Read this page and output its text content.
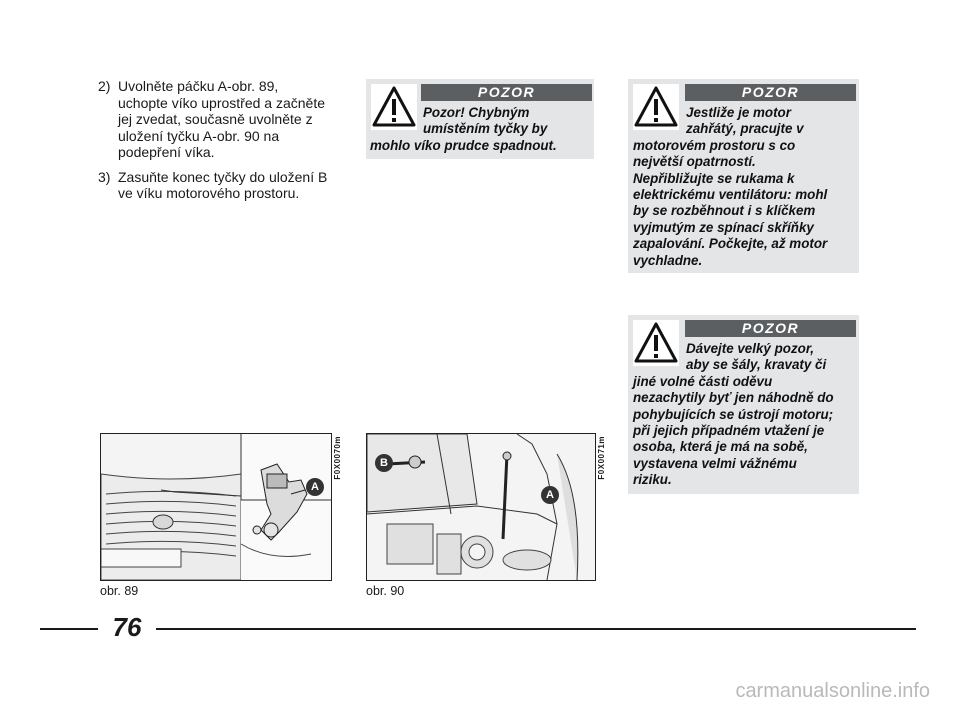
2) Uvolněte páčku A-obr. 89,
uchopte víko uprostřed a začněte
jej zvedat, současně uvolněte z
uložení tyčku A-obr. 90 na
podepření víka.
3) Zasuňte konec tyčky do uložení B
ve víku motorového prostoru.
POZOR
Pozor! Chybným
umístěním tyčky by
mohlo víko prudce spadnout.
POZOR
Jestliže je motor
zahřátý, pracujte v
motorovém prostoru s co
největší opatrností.
Nepřibližujte se rukama k
elektrickému ventilátoru: mohl
by se rozběhnout i s klíčkem
vyjmutým ze spínací skříňky
zapalování. Počkejte, až motor
vychladne.
POZOR
Dávejte velký pozor,
aby se šály, kravaty či
jiné volné části oděvu
nezachytily byť jen náhodně do
pohybujících se ústrojí motoru;
při jejich případném vtažení je
osoba, která je má na sobě,
vystavena velmi vážnému
riziku.
A
F0X0070m
obr. 89
B
A
F0X0071m
obr. 90
76
carmanualsonline.info
